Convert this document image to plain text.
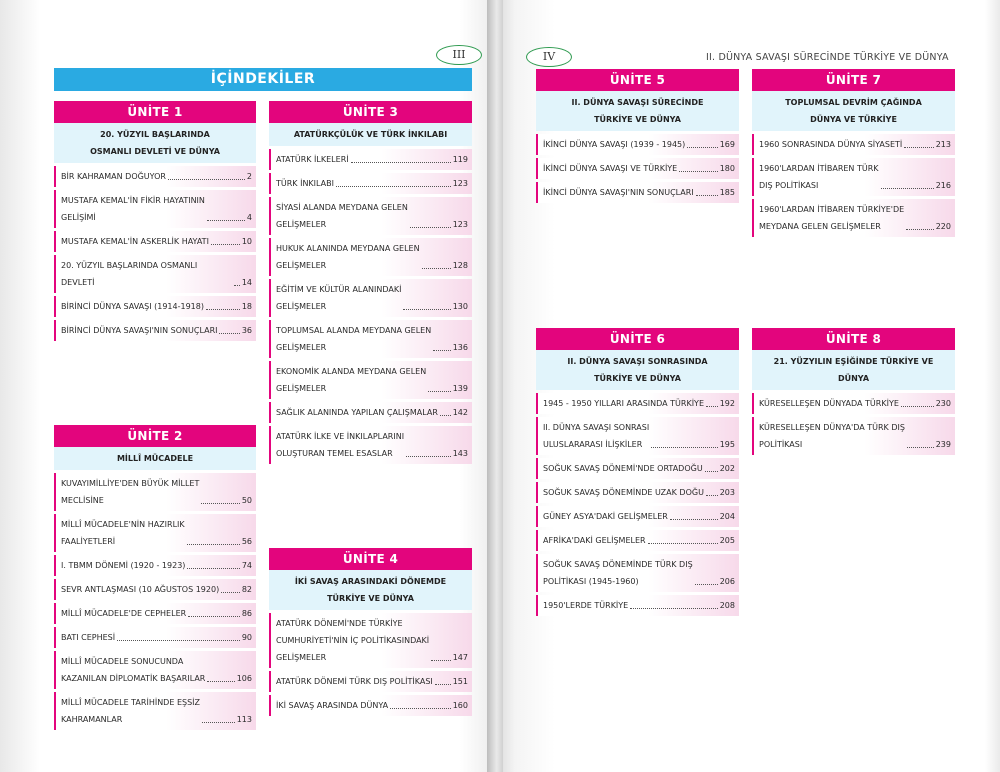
III	IV	II. DÜNYA SAVAŞI SÜRECİNDE TÜRKİYE VE DÜNYA
İÇİNDEKİLER
ÜNİTE 1
20. YÜZYIL BAŞLARINDA
OSMANLI DEVLETİ VE DÜNYA
BİR KAHRAMAN DOĞUYOR	2
MUSTAFA KEMAL'İN FİKİR HAYATININ
GELİŞİMİ	4
MUSTAFA KEMAL'İN ASKERLİK HAYATI	10
20. YÜZYIL BAŞLARINDA OSMANLI DEVLETİ	14
BİRİNCİ DÜNYA SAVAŞI (1914-1918)	18
BİRİNCİ DÜNYA SAVAŞI'NIN SONUÇLARI	36
ÜNİTE 2
MİLLÎ MÜCADELE
KUVAYIMİLLİYE'DEN BÜYÜK MİLLET
MECLİSİNE	50
MİLLÎ MÜCADELE'NİN HAZIRLIK
FAALİYETLERİ	56
I. TBMM DÖNEMİ (1920 - 1923)	74
SEVR ANTLAŞMASI (10 AĞUSTOS 1920)	82
MİLLÎ MÜCADELE'DE CEPHELER	86
BATI CEPHESİ	90
MİLLÎ MÜCADELE SONUCUNDA
KAZANILAN DİPLOMATİK BAŞARILAR	106
MİLLÎ MÜCADELE TARİHİNDE EŞSİZ
KAHRAMANLAR	113
ÜNİTE 3
ATATÜRKÇÜLÜK VE TÜRK İNKILABI
ATATÜRK İLKELERİ	119
TÜRK İNKILABI	123
SİYASİ ALANDA MEYDANA GELEN
GELİŞMELER	123
HUKUK ALANINDA MEYDANA GELEN
GELİŞMELER	128
EĞİTİM VE KÜLTÜR ALANINDAKİ
GELİŞMELER	130
TOPLUMSAL ALANDA MEYDANA GELEN
GELİŞMELER	136
EKONOMİK ALANDA MEYDANA GELEN
GELİŞMELER	139
SAĞLIK ALANINDA YAPILAN ÇALIŞMALAR 142
ATATÜRK İLKE VE İNKILAPLARINI
OLUŞTURAN TEMEL ESASLAR	143
ÜNİTE 4
İKİ SAVAŞ ARASINDAKİ DÖNEMDE
TÜRKİYE VE DÜNYA
ATATÜRK DÖNEMİ'NDE TÜRKİYE
CUMHURİYETİ'NİN İÇ POLİTİKASINDAKİ
GELİŞMELER	147
ATATÜRK DÖNEMİ TÜRK DIŞ POLİTİKASI 151
İKİ SAVAŞ ARASINDA DÜNYA	160
ÜNİTE 5
II. DÜNYA SAVAŞI SÜRECİNDE
TÜRKİYE VE DÜNYA
İKİNCİ DÜNYA SAVAŞI (1939 - 1945)	169
İKİNCİ DÜNYA SAVAŞI VE TÜRKİYE	180
İKİNCİ DÜNYA SAVAŞI'NIN SONUÇLARI	185
ÜNİTE 6
II. DÜNYA SAVAŞI SONRASINDA
TÜRKİYE VE DÜNYA
1945 - 1950 YILLARI ARASINDA TÜRKİYE 192
II. DÜNYA SAVAŞI SONRASI
ULUSLARARASI İLİŞKİLER	195
SOĞUK SAVAŞ DÖNEMİ'NDE ORTADOĞU 202
SOĞUK SAVAŞ DÖNEMİNDE UZAK DOĞU 203
GÜNEY ASYA'DAKİ GELİŞMELER	204
AFRİKA'DAKİ GELİŞMELER	205
SOĞUK SAVAŞ DÖNEMİNDE TÜRK DIŞ
POLİTİKASI (1945-1960)	206
1950'LERDE TÜRKİYE	208
ÜNİTE 7
TOPLUMSAL DEVRİM ÇAĞINDA
DÜNYA VE TÜRKİYE
1960 SONRASINDA DÜNYA SİYASETİ	213
1960'LARDAN İTİBAREN TÜRK
DIŞ POLİTİKASI	216
1960'LARDAN İTİBAREN TÜRKİYE'DE
MEYDANA GELEN GELİŞMELER	220
ÜNİTE 8
21. YÜZYILIN EŞİĞİNDE TÜRKİYE VE DÜNYA
KÜRESELLEŞEN DÜNYADA TÜRKİYE	230
KÜRESELLEŞEN DÜNYA'DA TÜRK DIŞ
POLİTİKASI	239
